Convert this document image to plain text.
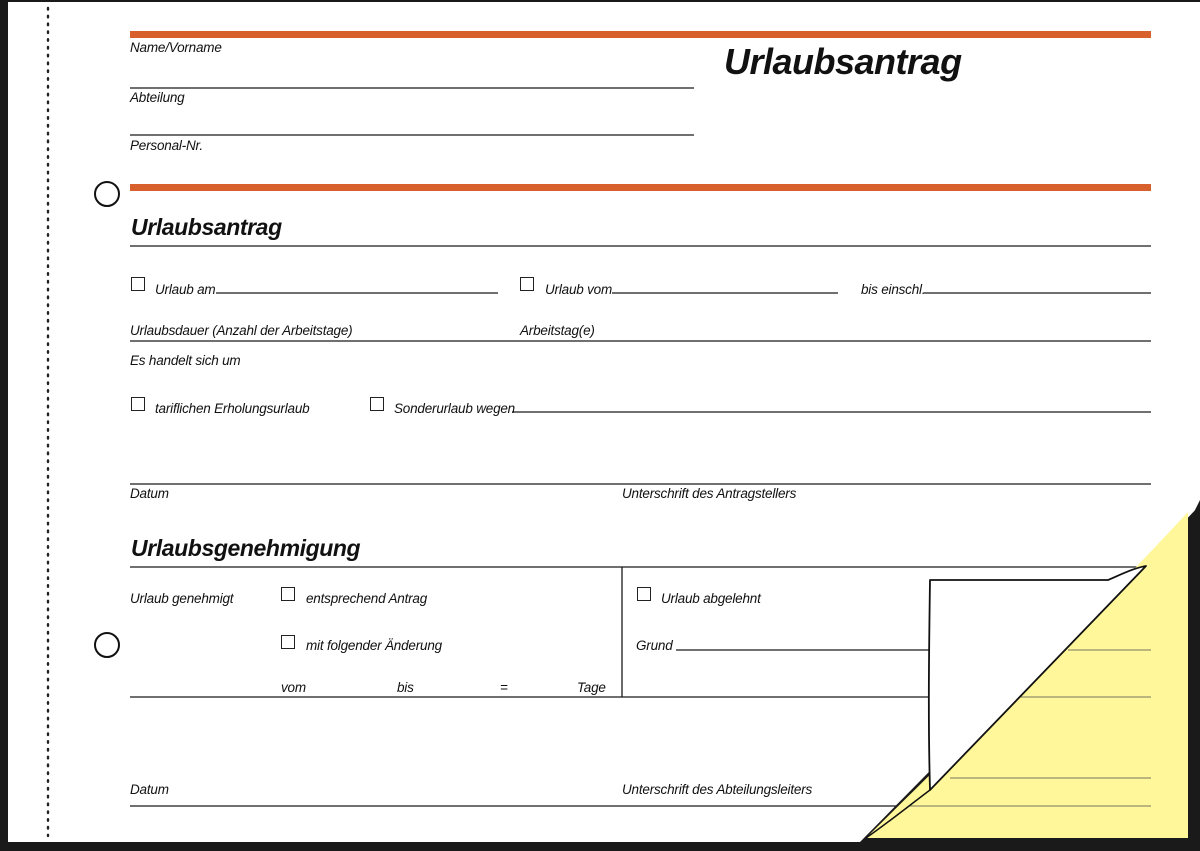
Name/Vorname
Abteilung
Personal-Nr.
Urlaubsantrag
Urlaubsantrag
Urlaub am	Urlaub vom	bis einschl.
Urlaubsdauer (Anzahl der Arbeitstage)	Arbeitstag(e)
Es handelt sich um
tariflichen Erholungsurlaub	Sonderurlaub wegen
Datum	Unterschrift des Antragstellers
Urlaubsgenehmigung
Urlaub genehmigt	entsprechend Antrag
mit folgender Änderung
vom	bis	=	Tage
Urlaub abgelehnt
Grund
Datum	Unterschrift des Abteilungsleiters
